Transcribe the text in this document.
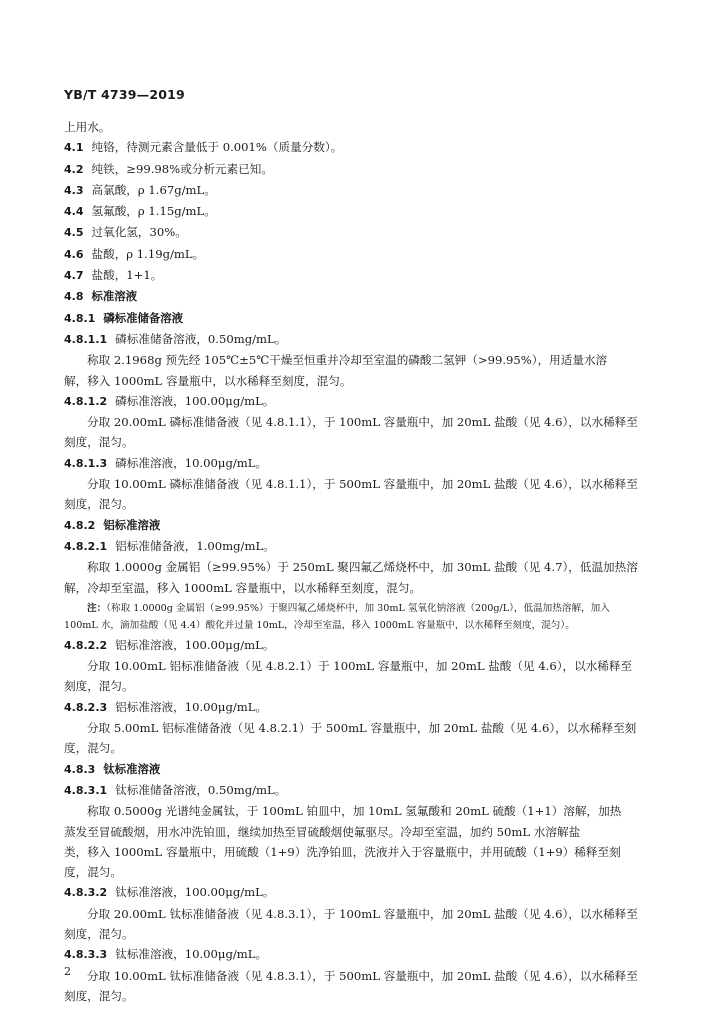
YB/T 4739—2019
上用水。
4.1 纯铬，待测元素含量低于 0.001%（质量分数）。
4.2 纯铁，≥99.98%或分析元素已知。
4.3 高氯酸，ρ 1.67g/mL。
4.4 氢氟酸，ρ 1.15g/mL。
4.5 过氧化氢，30%。
4.6 盐酸，ρ 1.19g/mL。
4.7 盐酸，1+1。
4.8 标准溶液
4.8.1 磷标准储备溶液
4.8.1.1 磷标准储备溶液，0.50mg/mL。
称取 2.1968g 预先经 105℃±5℃干燥至恒重并冷却至室温的磷酸二氢钾（>99.95%），用适量水溶
解，移入 1000mL 容量瓶中，以水稀释至刻度，混匀。
4.8.1.2 磷标准溶液，100.00μg/mL。
分取 20.00mL 磷标准储备液（见 4.8.1.1），于 100mL 容量瓶中，加 20mL 盐酸（见 4.6），以水稀释至
刻度，混匀。
4.8.1.3 磷标准溶液，10.00μg/mL。
分取 10.00mL 磷标准储备液（见 4.8.1.1），于 500mL 容量瓶中，加 20mL 盐酸（见 4.6），以水稀释至
刻度，混匀。
4.8.2 铝标准溶液
4.8.2.1 铝标准储备液，1.00mg/mL。
称取 1.0000g 金属铝（≥99.95%）于 250mL 聚四氟乙烯烧杯中，加 30mL 盐酸（见 4.7），低温加热溶
解，冷却至室温，移入 1000mL 容量瓶中，以水稀释至刻度，混匀。
注：（称取 1.0000g 金属铝（≥99.95%）于聚四氟乙烯烧杯中，加 30mL 氢氧化钠溶液（200g/L），低温加热溶解，加入
100mL 水，滴加盐酸（见 4.4）酸化并过量 10mL，冷却至室温，移入 1000mL 容量瓶中，以水稀释至刻度，混匀）。
4.8.2.2 铝标准溶液，100.00μg/mL。
分取 10.00mL 铝标准储备液（见 4.8.2.1）于 100mL 容量瓶中，加 20mL 盐酸（见 4.6），以水稀释至
刻度，混匀。
4.8.2.3 铝标准溶液，10.00μg/mL。
分取 5.00mL 铝标准储备液（见 4.8.2.1）于 500mL 容量瓶中，加 20mL 盐酸（见 4.6），以水稀释至刻
度，混匀。
4.8.3 钛标准溶液
4.8.3.1 钛标准储备溶液，0.50mg/mL。
称取 0.5000g 光谱纯金属钛，于 100mL 铂皿中，加 10mL 氢氟酸和 20mL 硫酸（1+1）溶解，加热
蒸发至冒硫酸烟，用水冲洗铂皿，继续加热至冒硫酸烟使氟驱尽。冷却至室温，加约 50mL 水溶解盐
类，移入 1000mL 容量瓶中，用硫酸（1+9）洗净铂皿，洗液并入于容量瓶中，并用硫酸（1+9）稀释至刻
度，混匀。
4.8.3.2 钛标准溶液，100.00μg/mL。
分取 20.00mL 钛标准储备液（见 4.8.3.1），于 100mL 容量瓶中，加 20mL 盐酸（见 4.6），以水稀释至
刻度，混匀。
4.8.3.3 钛标准溶液，10.00μg/mL。
分取 10.00mL 钛标准储备液（见 4.8.3.1），于 500mL 容量瓶中，加 20mL 盐酸（见 4.6），以水稀释至
刻度，混匀。
2
